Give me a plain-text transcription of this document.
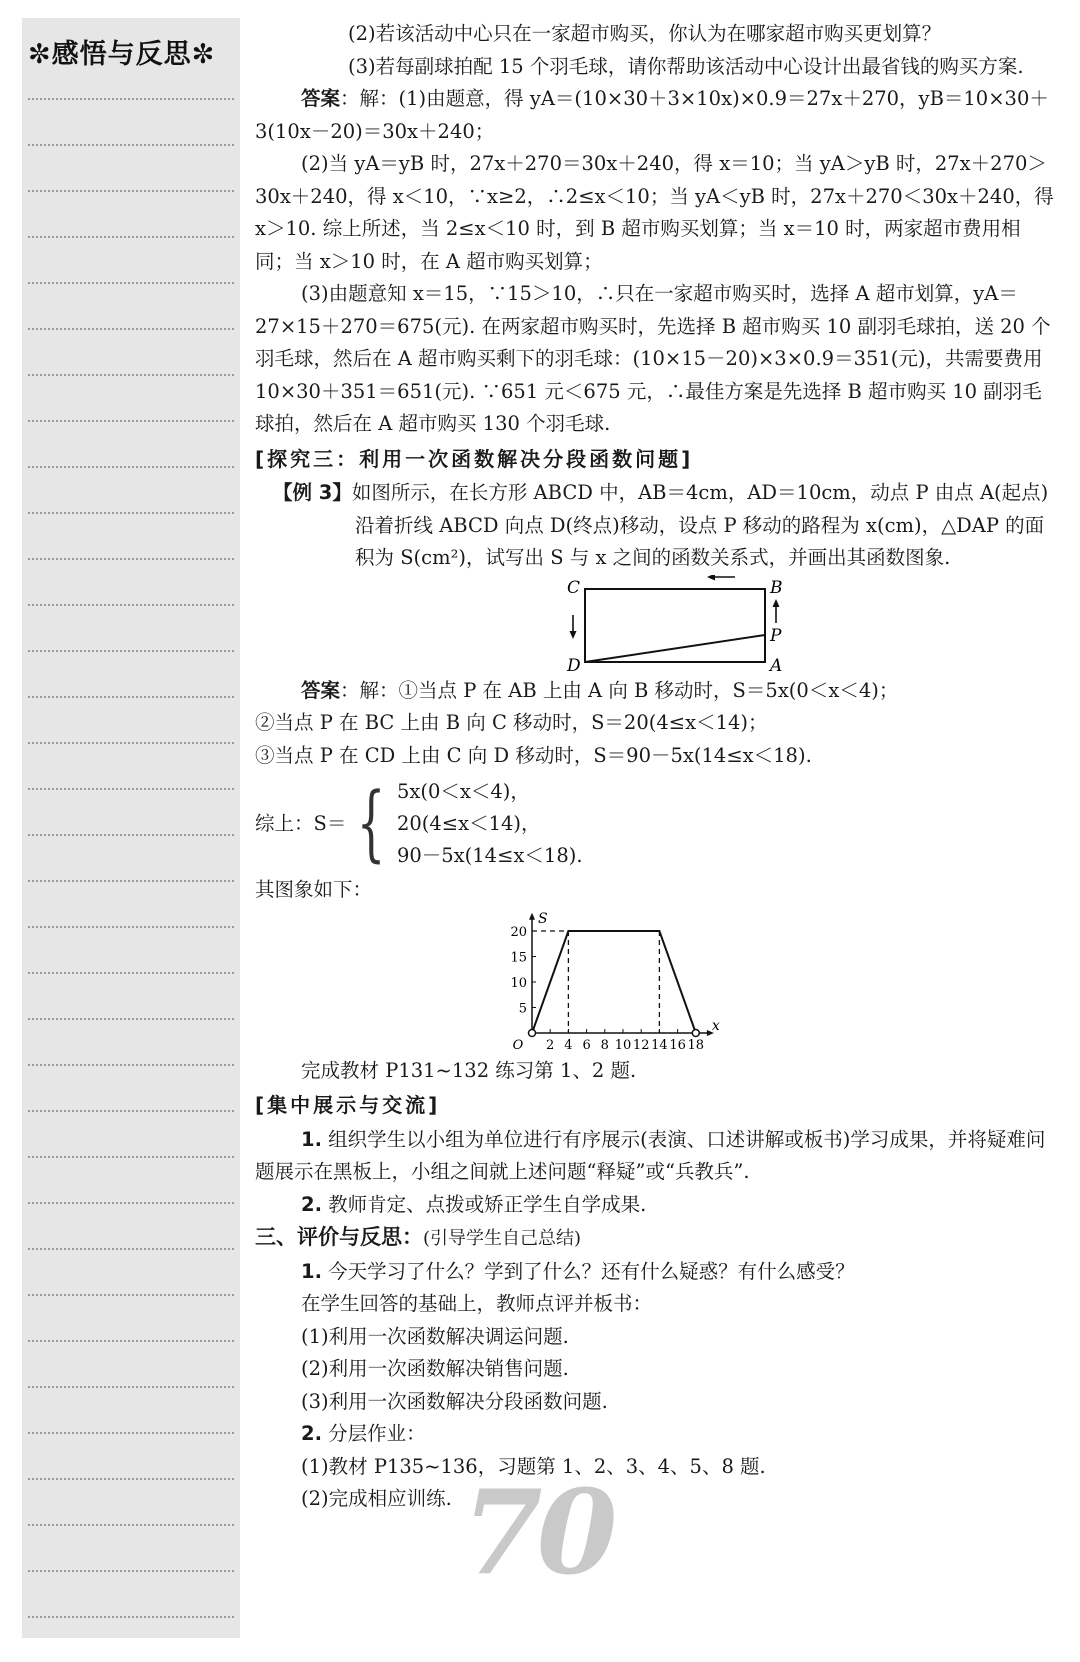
✼感悟与反思✼

(2)若该活动中心只在一家超市购买，你认为在哪家超市购买更划算？

(3)若每副球拍配 15 个羽毛球，请你帮助该活动中心设计出最省钱的购买方案.

答案：解：(1)由题意，得 yA＝(10×30＋3×10x)×0.9＝27x＋270，yB＝10×30＋3(10x－20)＝30x＋240；

(2)当 yA＝yB 时，27x＋270＝30x＋240，得 x＝10；当 yA＞yB 时，27x＋270＞30x＋240，得 x＜10，∵x≥2，∴2≤x＜10；当 yA＜yB 时，27x＋270＜30x＋240，得 x＞10. 综上所述，当 2≤x＜10 时，到 B 超市购买划算；当 x＝10 时，两家超市费用相同；当 x＞10 时，在 A 超市购买划算；

(3)由题意知 x＝15，∵15＞10，∴只在一家超市购买时，选择 A 超市划算，yA＝27×15＋270＝675(元). 在两家超市购买时，先选择 B 超市购买 10 副羽毛球拍，送 20 个羽毛球，然后在 A 超市购买剩下的羽毛球：(10×15－20)×3×0.9＝351(元)，共需要费用 10×30＋351＝651(元). ∵651 元＜675 元，∴最佳方案是先选择 B 超市购买 10 副羽毛球拍，然后在 A 超市购买 130 个羽毛球.

[探究三：利用一次函数解决分段函数问题]

【例 3】如图所示，在长方形 ABCD 中，AB＝4cm，AD＝10cm，动点 P 由点 A(起点)沿着折线 ABCD 向点 D(终点)移动，设点 P 移动的路程为 x(cm)，△DAP 的面积为 S(cm²)，试写出 S 与 x 之间的函数关系式，并画出其函数图象.

C	B
P
D	A

答案：解：①当点 P 在 AB 上由 A 向 B 移动时，S＝5x(0＜x＜4)；

②当点 P 在 BC 上由 B 向 C 移动时，S＝20(4≤x＜14)；

③当点 P 在 CD 上由 C 向 D 移动时，S＝90－5x(14≤x＜18).

综上：S＝ { 5x(0＜x＜4)，
20(4≤x＜14)，
90－5x(14≤x＜18).

其图象如下：

x
S
O 2 4 6 8 10 12 14 16 18
5
10
15
20

完成教材 P131~132 练习第 1、2 题.

[集中展示与交流]

1. 组织学生以小组为单位进行有序展示(表演、口述讲解或板书)学习成果，并将疑难问题展示在黑板上，小组之间就上述问题“释疑”或“兵教兵”.

2. 教师肯定、点拨或矫正学生自学成果.

三、评价与反思：(引导学生自己总结)

1. 今天学习了什么？学到了什么？还有什么疑惑？有什么感受？

在学生回答的基础上，教师点评并板书：

(1)利用一次函数解决调运问题.

(2)利用一次函数解决销售问题.

(3)利用一次函数解决分段函数问题.

2. 分层作业：

(1)教材 P135~136，习题第 1、2、3、4、5、8 题.

(2)完成相应训练. 70
